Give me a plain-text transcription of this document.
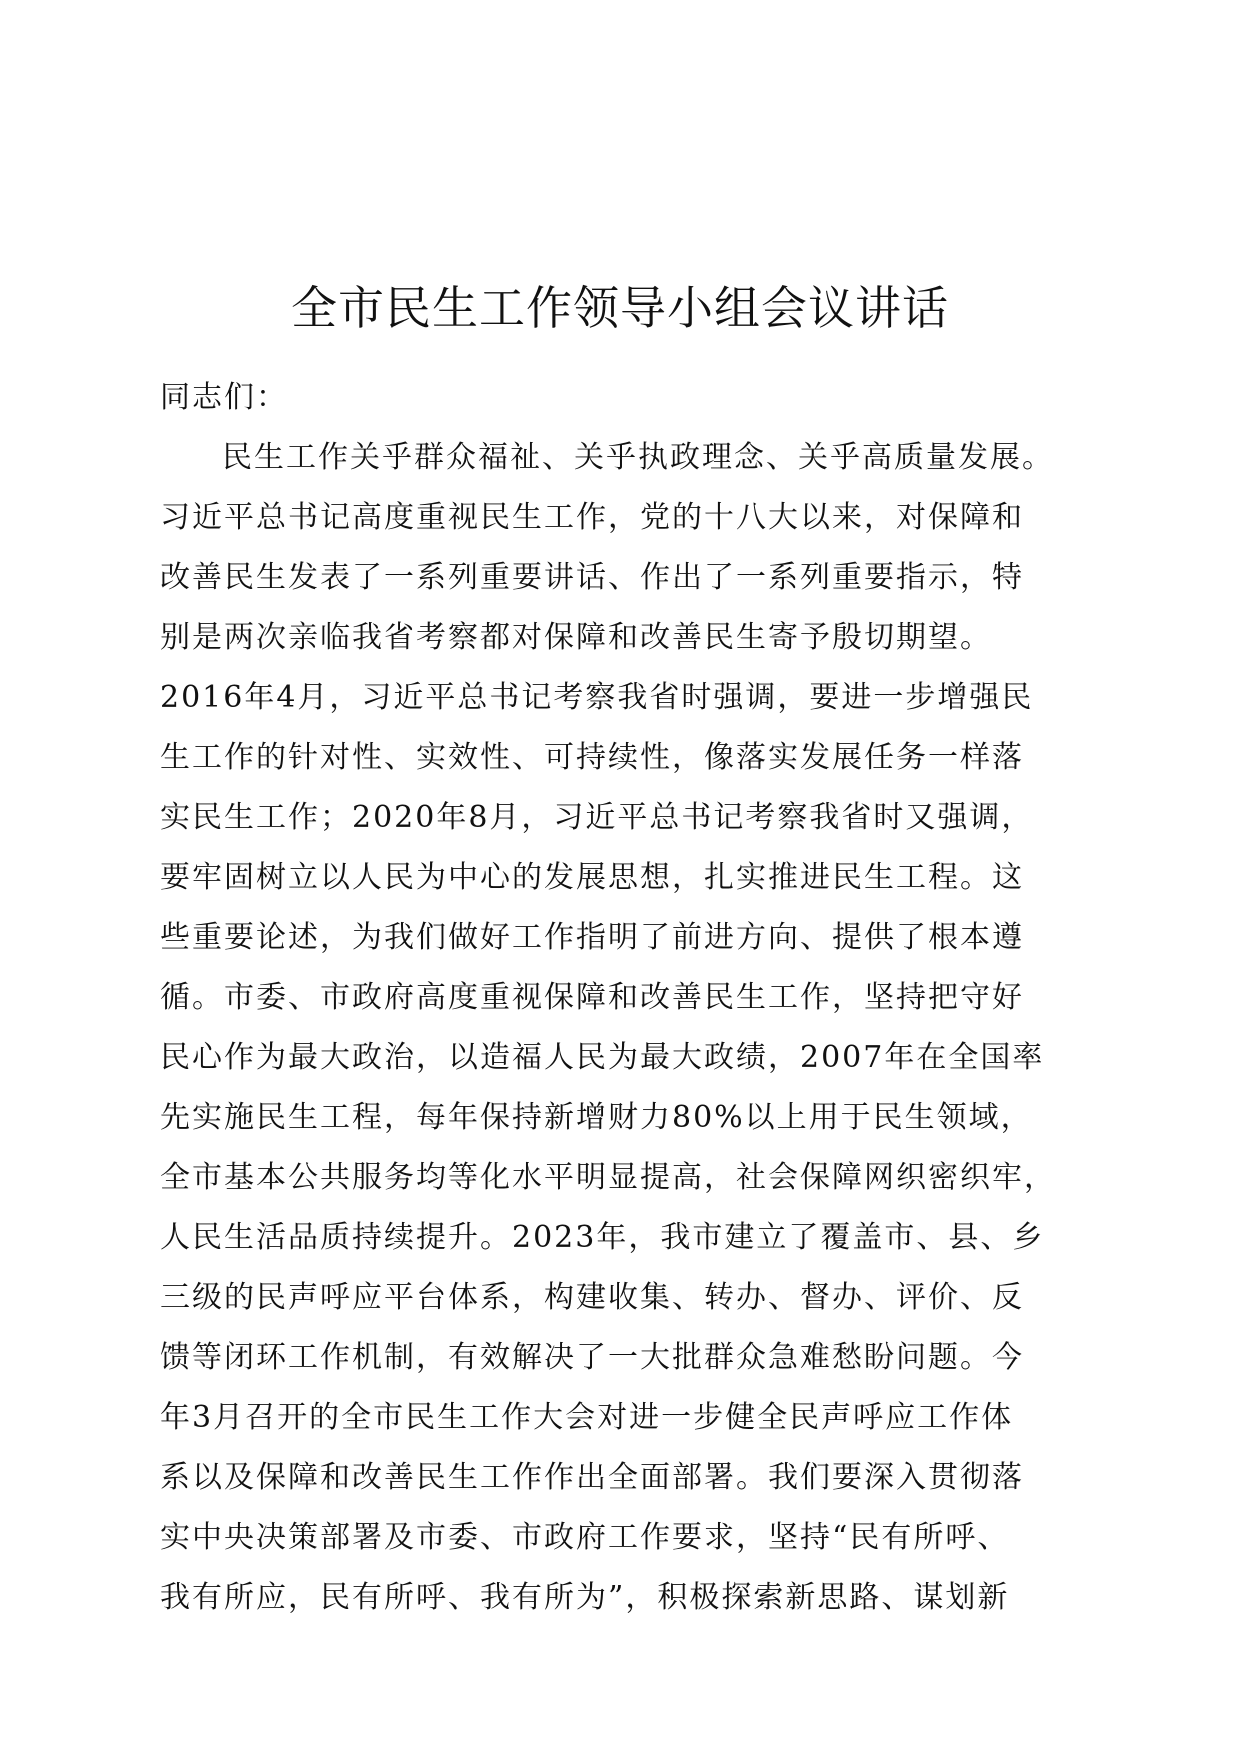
全市民生工作领导小组会议讲话
同志们：
民生工作关乎群众福祉、关乎执政理念、关乎高质量发展。
习近平总书记高度重视民生工作，党的十八大以来，对保障和
改善民生发表了一系列重要讲话、作出了一系列重要指示，特
别是两次亲临我省考察都对保障和改善民生寄予殷切期望。
2016年4月，习近平总书记考察我省时强调，要进一步增强民
生工作的针对性、实效性、可持续性，像落实发展任务一样落
实民生工作；2020年8月，习近平总书记考察我省时又强调，
要牢固树立以人民为中心的发展思想，扎实推进民生工程。这
些重要论述，为我们做好工作指明了前进方向、提供了根本遵
循。市委、市政府高度重视保障和改善民生工作，坚持把守好
民心作为最大政治，以造福人民为最大政绩，2007年在全国率
先实施民生工程，每年保持新增财力80%以上用于民生领域，
全市基本公共服务均等化水平明显提高，社会保障网织密织牢，
人民生活品质持续提升。2023年，我市建立了覆盖市、县、乡
三级的民声呼应平台体系，构建收集、转办、督办、评价、反
馈等闭环工作机制，有效解决了一大批群众急难愁盼问题。今
年3月召开的全市民生工作大会对进一步健全民声呼应工作体
系以及保障和改善民生工作作出全面部署。我们要深入贯彻落
实中央决策部署及市委、市政府工作要求，坚持“民有所呼、
我有所应，民有所呼、我有所为”，积极探索新思路、谋划新
